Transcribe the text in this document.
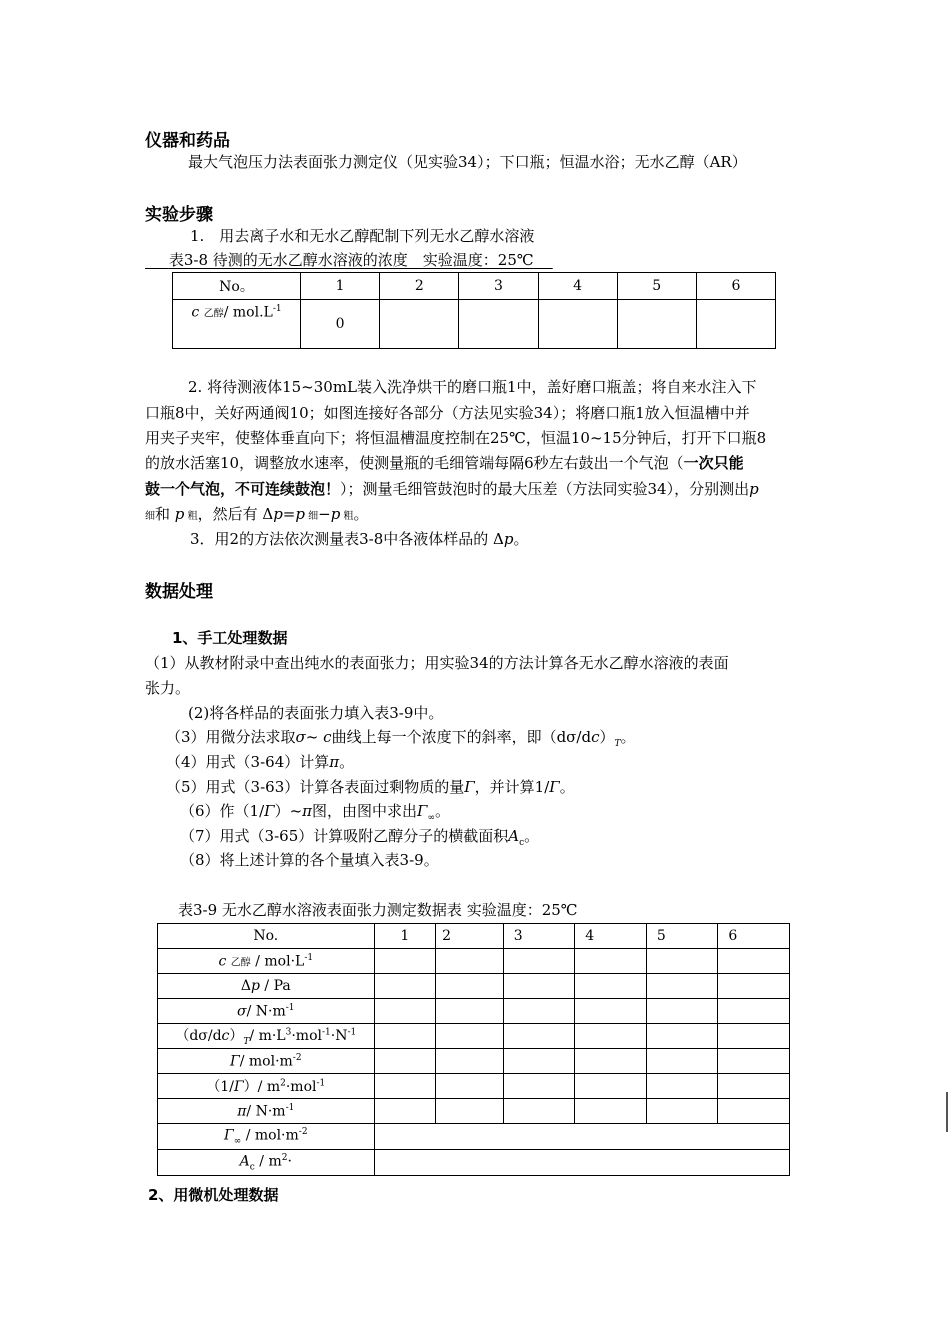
仪器和药品
最大气泡压力法表面张力测定仪（见实验34）；下口瓶；恒温水浴；无水乙醇（AR）
实验步骤
1.　用去离子水和无水乙醇配制下列无水乙醇水溶液
表3-8 待测的无水乙醇水溶液的浓度　实验温度：25℃
No。	1	2	3	4	5	6
c 乙醇/ $mol.L^{-1}$	0					
2. 将待测液体15~30mL装入洗净烘干的磨口瓶1中，盖好磨口瓶盖；将自来水注入下
口瓶8中，关好两通阀10；如图连接好各部分（方法见实验34）；将磨口瓶1放入恒温槽中并
用夹子夹牢，使整体垂直向下；将恒温槽温度控制在25℃，恒温10~15分钟后，打开下口瓶8
的放水活塞10，调整放水速率，使测量瓶的毛细管端每隔6秒左右鼓出一个气泡（一次只能
鼓一个气泡，不可连续鼓泡！）；测量毛细管鼓泡时的最大压差（方法同实验34），分别测出p
细和 p 粗，然后有 Δp=p 细−p 粗。
3．用2的方法依次测量表3-8中各液体样品的 Δp。
数据处理
1、手工处理数据
（1）从教材附录中查出纯水的表面张力；用实验34的方法计算各无水乙醇水溶液的表面
张力。
(2)将各样品的表面张力填入表3-9中。
（3）用微分法求取σ~ c曲线上每一个浓度下的斜率，即$(d\sigma/dc)_T$。
（4）用式（3-64）计算π。
（5）用式（3-63）计算各表面过剩物质的量Γ，并计算1/Γ。
（6）作（1/Γ）~π图，由图中求出$\Gamma_\infty$。
（7）用式（3-65）计算吸附乙醇分子的横截面积$A_c$。
（8）将上述计算的各个量填入表3-9。
表3-9 无水乙醇水溶液表面张力测定数据表 实验温度：25℃
No.	1	2	3	4	5	6
c 乙醇 / $mol\cdot L^{-1}$						
Δp / Pa						
σ/ $N\cdot m^{-1}$						
$(d\sigma/dc)_T/$ $m\cdot L^3\cdot mol^{-1}\cdot N^{-1}$						
Γ/ $mol\cdot m^{-2}$						
（1/Γ）/ $m^2\cdot mol^{-1}$						
π/ $N\cdot m^{-1}$						
$\Gamma_\infty / mol\cdot m^{-2}$	
$A_c / m^2\cdot$						
2、用微机处理数据
